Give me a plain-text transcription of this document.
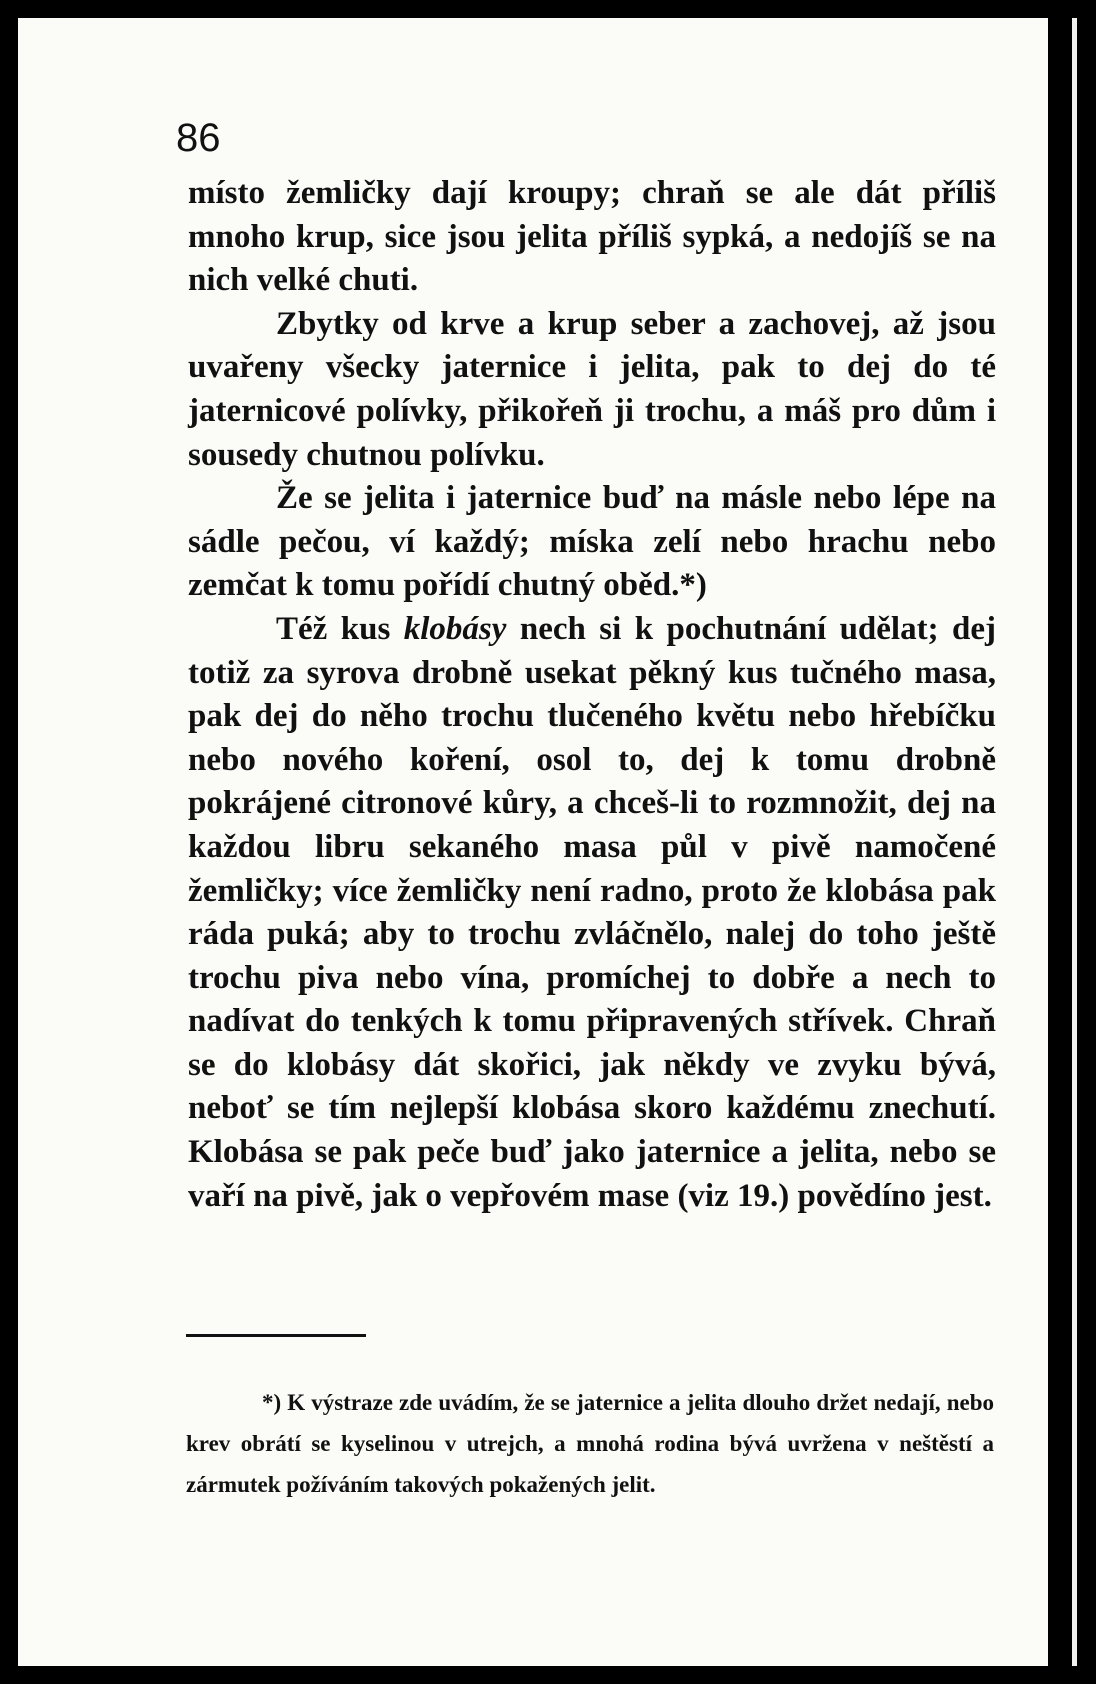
86

místo žemličky dají kroupy; chraň se ale dát příliš mnoho krup, sice jsou jelita příliš sypká, a nedojíš se na nich velké chuti.

Zbytky od krve a krup seber a zachovej, až jsou uvařeny všecky jaternice i jelita, pak to dej do té jaternicové polívky, přikořeň ji trochu, a máš pro dům i sousedy chutnou polívku.

Že se jelita i jaternice buď na másle nebo lépe na sádle pečou, ví každý; míska zelí nebo hrachu nebo zemčat k tomu pořídí chutný oběd.*)

Též kus klobásy nech si k pochutnání udělat; dej totiž za syrova drobně usekat pěkný kus tučného masa, pak dej do něho trochu tlučeného květu nebo hřebíčku nebo nového koření, osol to, dej k tomu drobně pokrájené citronové kůry, a chceš-li to rozmnožit, dej na každou libru sekaného masa půl v pivě namočené žemličky; více žemličky není radno, proto že klobása pak ráda puká; aby to trochu zvláčnělo, nalej do toho ještě trochu piva nebo vína, promíchej to dobře a nech to nadívat do tenkých k tomu připravených střívek. Chraň se do klobásy dát skořici, jak někdy ve zvyku bývá, neboť se tím nejlepší klobása skoro každému znechutí. Klobása se pak peče buď jako jaternice a jelita, nebo se vaří na pivě, jak o vepřovém mase (viz 19.) povědíno jest.

*) K výstraze zde uvádím, že se jaternice a jelita dlouho držet nedají, nebo krev obrátí se kyselinou v utrejch, a mnohá rodina bývá uvržena v neštěstí a zármutek požíváním takových pokažených jelit.
